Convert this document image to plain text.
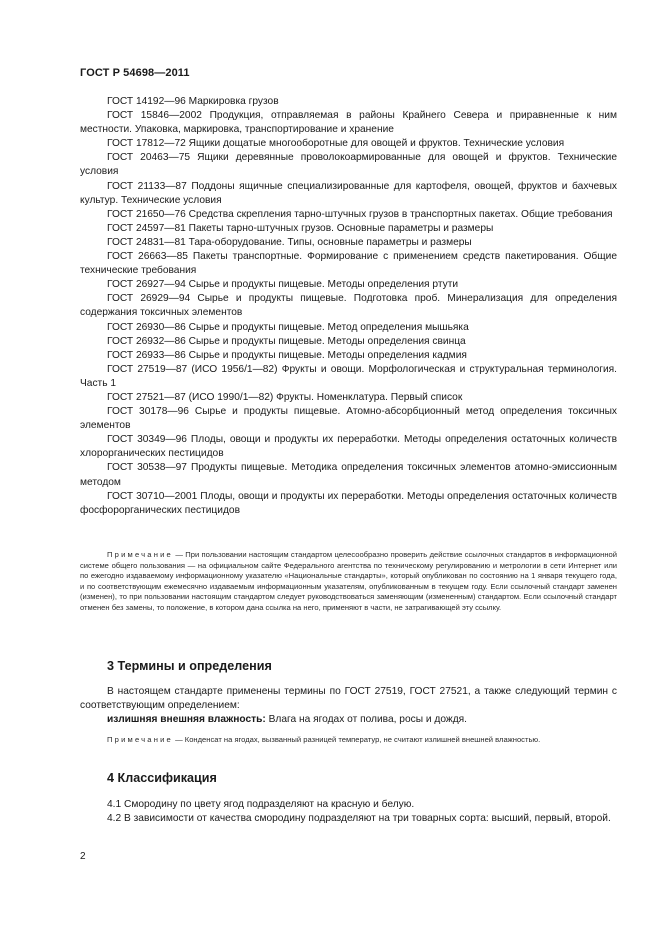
ГОСТ Р 54698—2011
ГОСТ 14192—96 Маркировка грузов
ГОСТ 15846—2002 Продукция, отправляемая в районы Крайнего Севера и приравненные к ним местности. Упаковка, маркировка, транспортирование и хранение
ГОСТ 17812—72 Ящики дощатые многооборотные для овощей и фруктов. Технические условия
ГОСТ 20463—75 Ящики деревянные проволокоармированные для овощей и фруктов. Технические условия
ГОСТ 21133—87 Поддоны ящичные специализированные для картофеля, овощей, фруктов и бахчевых культур. Технические условия
ГОСТ 21650—76 Средства скрепления тарно-штучных грузов в транспортных пакетах. Общие требования
ГОСТ 24597—81 Пакеты тарно-штучных грузов. Основные параметры и размеры
ГОСТ 24831—81 Тара-оборудование. Типы, основные параметры и размеры
ГОСТ 26663—85 Пакеты транспортные. Формирование с применением средств пакетирования. Общие технические требования
ГОСТ 26927—94 Сырье и продукты пищевые. Методы определения ртути
ГОСТ 26929—94 Сырье и продукты пищевые. Подготовка проб. Минерализация для определения содержания токсичных элементов
ГОСТ 26930—86 Сырье и продукты пищевые. Метод определения мышьяка
ГОСТ 26932—86 Сырье и продукты пищевые. Методы определения свинца
ГОСТ 26933—86 Сырье и продукты пищевые. Методы определения кадмия
ГОСТ 27519—87 (ИСО 1956/1—82) Фрукты и овощи. Морфологическая и структуральная терминология. Часть 1
ГОСТ 27521—87 (ИСО 1990/1—82) Фрукты. Номенклатура. Первый список
ГОСТ 30178—96 Сырье и продукты пищевые. Атомно-абсорбционный метод определения токсичных элементов
ГОСТ 30349—96 Плоды, овощи и продукты их переработки. Методы определения остаточных количеств хлорорганических пестицидов
ГОСТ 30538—97 Продукты пищевые. Методика определения токсичных элементов атомно-эмиссионным методом
ГОСТ 30710—2001 Плоды, овощи и продукты их переработки. Методы определения остаточных количеств фосфорорганических пестицидов
Примечание — При пользовании настоящим стандартом целесообразно проверить действие ссылочных стандартов в информационной системе общего пользования — на официальном сайте Федерального агентства по техническому регулированию и метрологии в сети Интернет или по ежегодно издаваемому информационному указателю «Национальные стандарты», который опубликован по состоянию на 1 января текущего года, и по соответствующим ежемесячно издаваемым информационным указателям, опубликованным в текущем году. Если ссылочный стандарт заменен (изменен), то при пользовании настоящим стандартом следует руководствоваться заменяющим (измененным) стандартом. Если ссылочный стандарт отменен без замены, то положение, в котором дана ссылка на него, применяют в части, не затрагивающей эту ссылку.
3 Термины и определения
В настоящем стандарте применены термины по ГОСТ 27519, ГОСТ 27521, а также следующий термин с соответствующим определением:
излишняя внешняя влажность: Влага на ягодах от полива, росы и дождя.
Примечание — Конденсат на ягодах, вызванный разницей температур, не считают излишней внешней влажностью.
4 Классификация
4.1 Смородину по цвету ягод подразделяют на красную и белую.
4.2 В зависимости от качества смородину подразделяют на три товарных сорта: высший, первый, второй.
2
